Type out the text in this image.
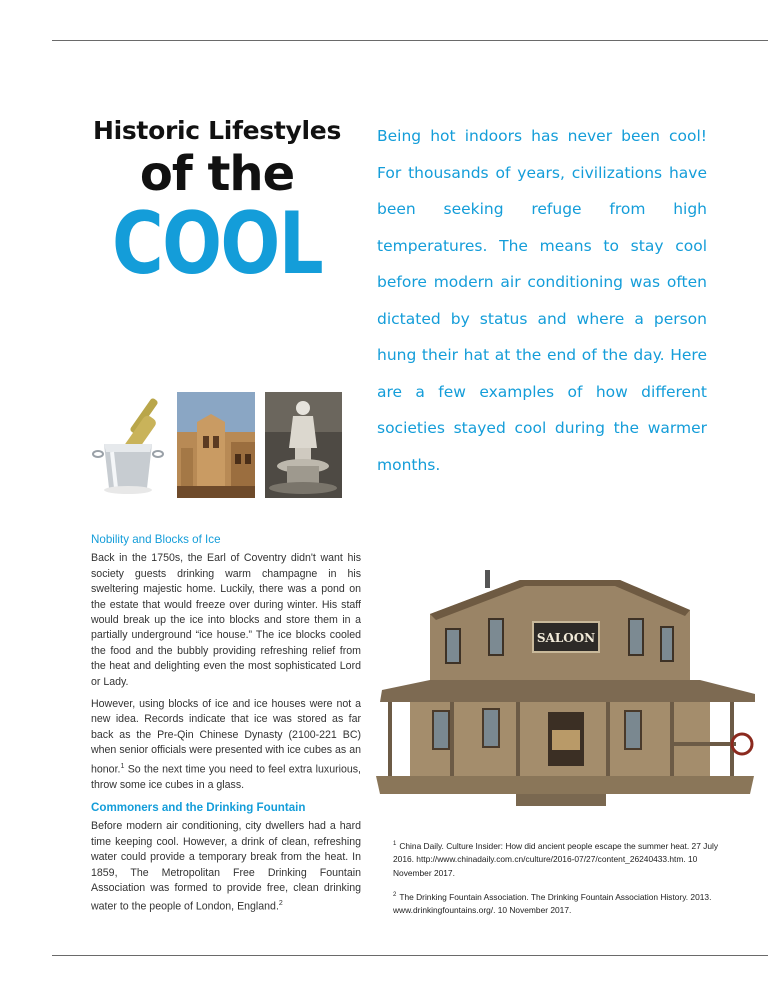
Historic Lifestyles
of the
COOL
Being hot indoors has never been cool! For thousands of years, civilizations have been seeking refuge from high temperatures. The means to stay cool before modern air conditioning was often dictated by status and where a person hung their hat at the end of the day. Here are a few examples of how different societies stayed cool during the warmer months.
Nobility and Blocks of Ice

Back in the 1750s, the Earl of Coventry didn't want his society guests drinking warm champagne in his sweltering majestic home. Luckily, there was a pond on the estate that would freeze over during winter. His staff would break up the ice into blocks and store them in a partially underground “ice house.” The ice blocks cooled the food and the bubbly providing refreshing relief from the heat and delighting even the most sophisticated Lord or Lady.

However, using blocks of ice and ice houses were not a new idea. Records indicate that ice was stored as far back as the Pre-Qin Chinese Dynasty (2100-221 BC) when senior officials were presented with ice cubes as an honor.$^1$ So the next time you need to feel extra luxurious, throw some ice cubes in a glass.

Commoners and the Drinking Fountain

Before modern air conditioning, city dwellers had a hard time keeping cool. However, a drink of clean, refreshing water could provide a temporary break from the heat. In 1859, The Metropolitan Free Drinking Fountain Association was formed to provide free, clean drinking water to the people of London, England.$^2$

SALOON

$^1$ China Daily. Culture Insider: How did ancient people escape the summer heat. 27 July 2016. http://www.chinadaily.com.cn/culture/2016-07/27/content_26240433.htm. 10 November 2017.

$^2$ The Drinking Fountain Association. The Drinking Fountain Association History. 2013. www.drinkingfountains.org/. 10 November 2017.
